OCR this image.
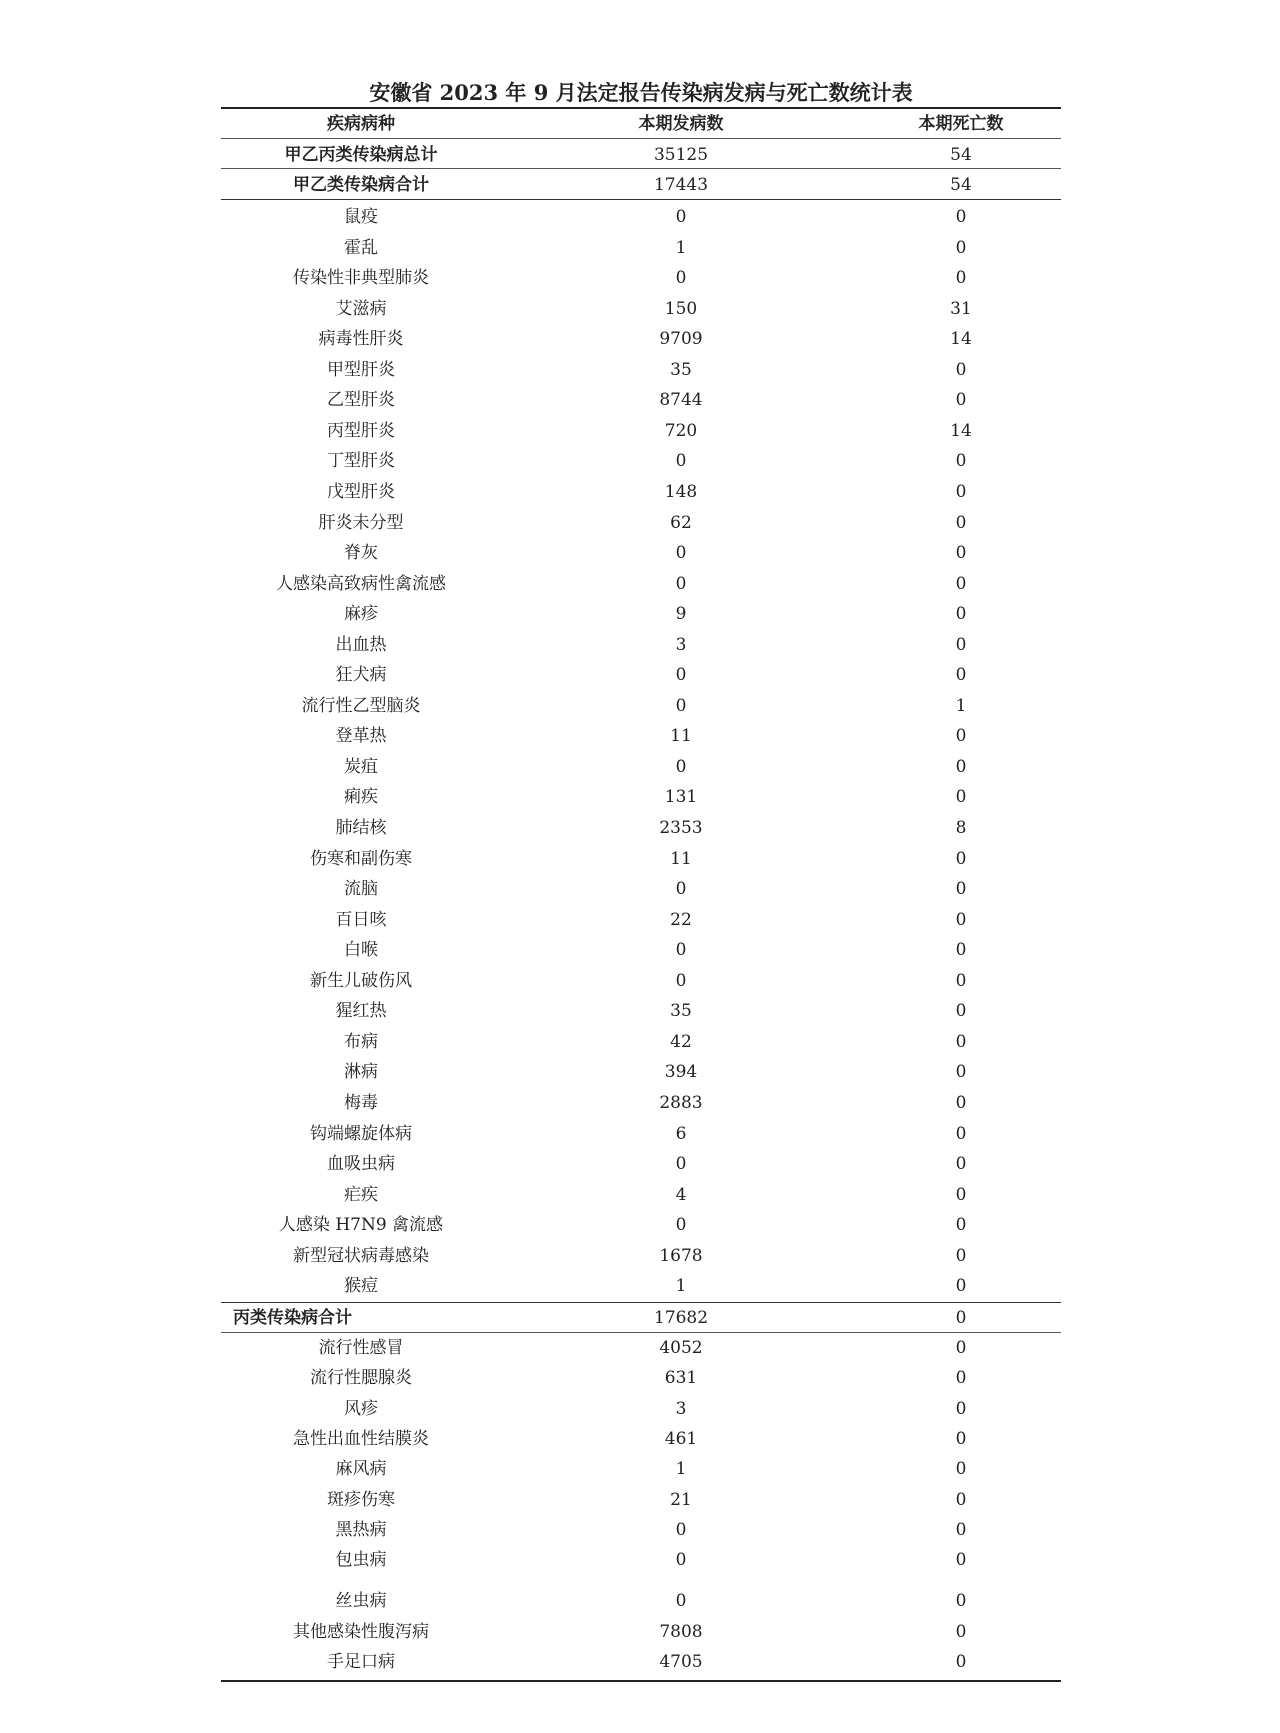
安徽省 2023 年 9 月法定报告传染病发病与死亡数统计表
疾病病种	本期发病数	本期死亡数
甲乙丙类传染病总计	35125	54
甲乙类传染病合计	17443	54
鼠疫	0	0
霍乱	1	0
传染性非典型肺炎	0	0
艾滋病	150	31
病毒性肝炎	9709	14
甲型肝炎	35	0
乙型肝炎	8744	0
丙型肝炎	720	14
丁型肝炎	0	0
戊型肝炎	148	0
肝炎未分型	62	0
脊灰	0	0
人感染高致病性禽流感	0	0
麻疹	9	0
出血热	3	0
狂犬病	0	0
流行性乙型脑炎	0	1
登革热	11	0
炭疽	0	0
痢疾	131	0
肺结核	2353	8
伤寒和副伤寒	11	0
流脑	0	0
百日咳	22	0
白喉	0	0
新生儿破伤风	0	0
猩红热	35	0
布病	42	0
淋病	394	0
梅毒	2883	0
钩端螺旋体病	6	0
血吸虫病	0	0
疟疾	4	0
人感染 H7N9 禽流感	0	0
新型冠状病毒感染	1678	0
猴痘	1	0
丙类传染病合计	17682	0
流行性感冒	4052	0
流行性腮腺炎	631	0
风疹	3	0
急性出血性结膜炎	461	0
麻风病	1	0
斑疹伤寒	21	0
黑热病	0	0
包虫病	0	0
丝虫病	0	0
其他感染性腹泻病	7808	0
手足口病	4705	0
